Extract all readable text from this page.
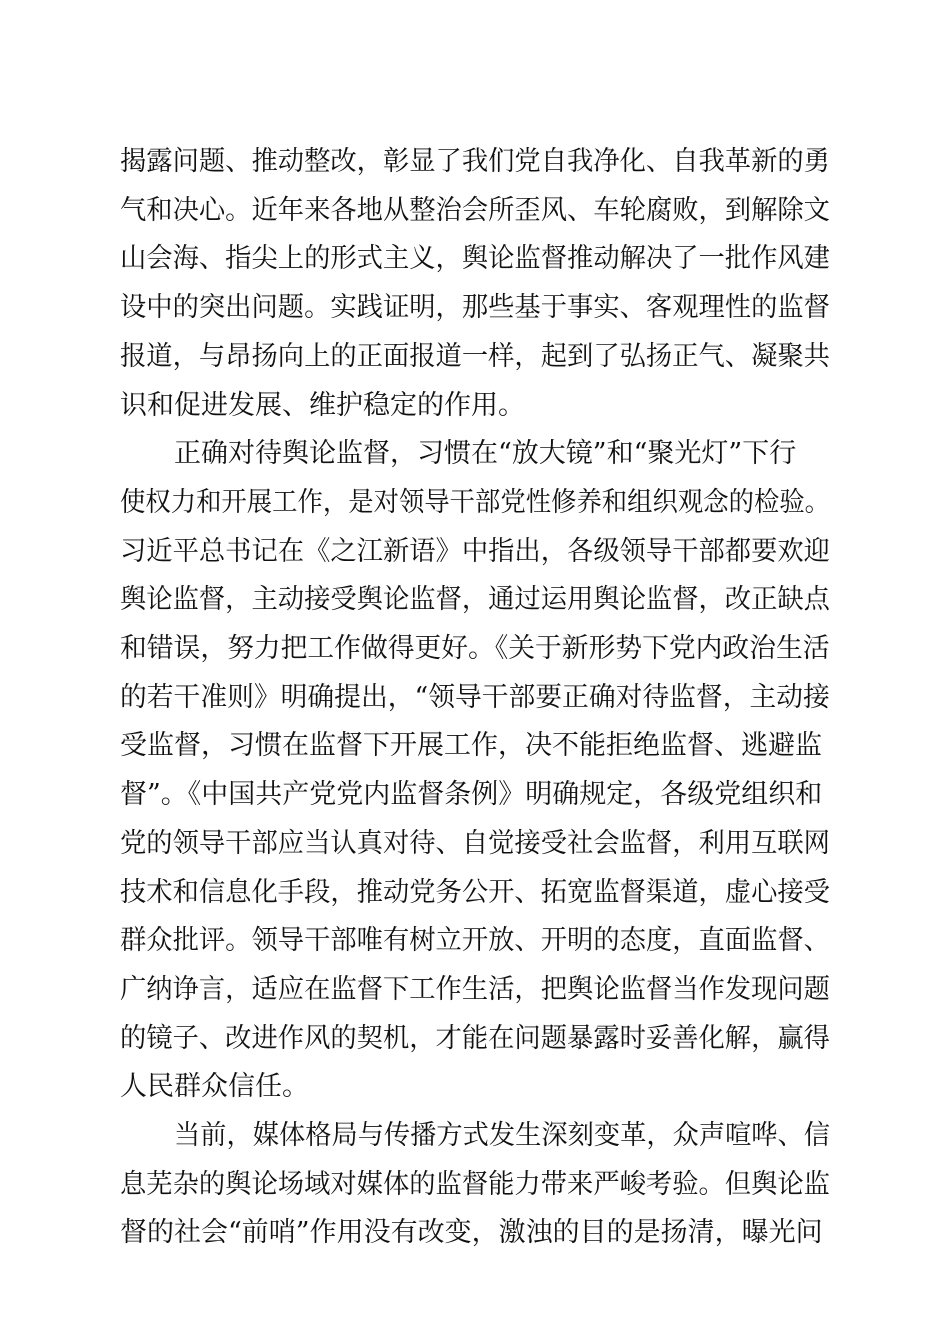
揭露问题、推动整改，彰显了我们党自我净化、自我革新的勇
气和决心。近年来各地从整治会所歪风、车轮腐败，到解除文
山会海、指尖上的形式主义，舆论监督推动解决了一批作风建
设中的突出问题。实践证明，那些基于事实、客观理性的监督
报道，与昂扬向上的正面报道一样，起到了弘扬正气、凝聚共
识和促进发展、维护稳定的作用。
正确对待舆论监督，习惯在“放大镜”和“聚光灯”下行
使权力和开展工作，是对领导干部党性修养和组织观念的检验。
习近平总书记在《之江新语》中指出，各级领导干部都要欢迎
舆论监督，主动接受舆论监督，通过运用舆论监督，改正缺点
和错误，努力把工作做得更好。《关于新形势下党内政治生活
的若干准则》明确提出，“领导干部要正确对待监督，主动接
受监督，习惯在监督下开展工作，决不能拒绝监督、逃避监
督”。《中国共产党党内监督条例》明确规定，各级党组织和
党的领导干部应当认真对待、自觉接受社会监督，利用互联网
技术和信息化手段，推动党务公开、拓宽监督渠道，虚心接受
群众批评。领导干部唯有树立开放、开明的态度，直面监督、
广纳诤言，适应在监督下工作生活，把舆论监督当作发现问题
的镜子、改进作风的契机，才能在问题暴露时妥善化解，赢得
人民群众信任。
当前，媒体格局与传播方式发生深刻变革，众声喧哗、信
息芜杂的舆论场域对媒体的监督能力带来严峻考验。但舆论监
督的社会“前哨”作用没有改变，激浊的目的是扬清，曝光问
